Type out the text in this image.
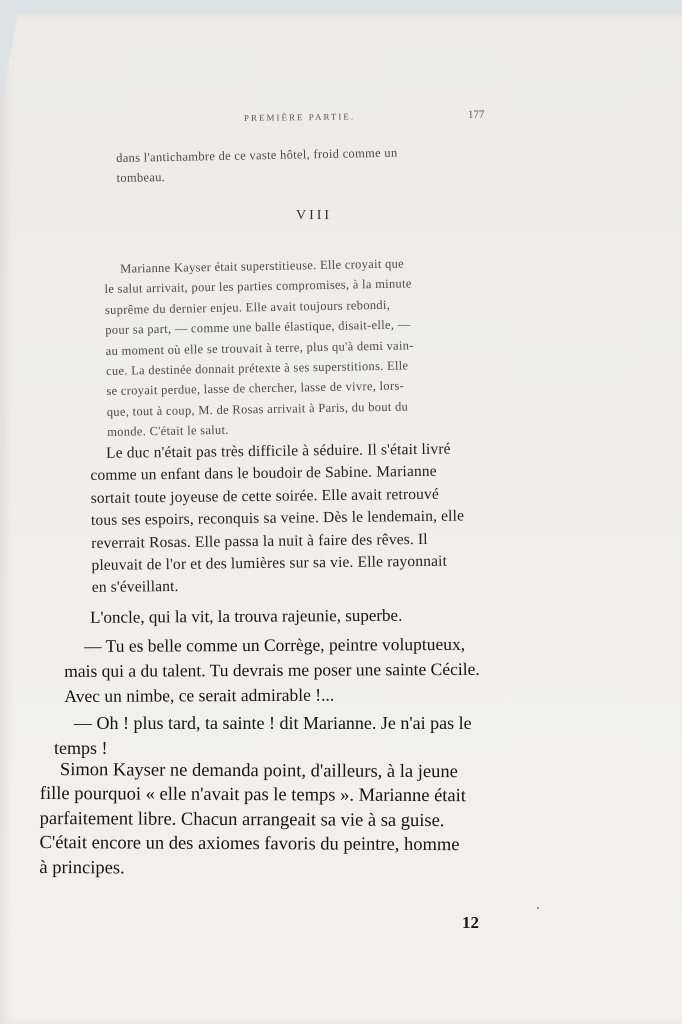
PREMIÈRE PARTIE.	177
dans l'antichambre de ce vaste hôtel, froid comme un
tombeau.
VIII
Marianne Kayser était superstitieuse. Elle croyait que
le salut arrivait, pour les parties compromises, à la minute
suprême du dernier enjeu. Elle avait toujours rebondi,
pour sa part, — comme une balle élastique, disait-elle, —
au moment où elle se trouvait à terre, plus qu'à demi vain-
cue. La destinée donnait prétexte à ses superstitions. Elle
se croyait perdue, lasse de chercher, lasse de vivre, lors-
que, tout à coup, M. de Rosas arrivait à Paris, du bout du
monde. C'était le salut.
Le duc n'était pas très difficile à séduire. Il s'était livré
comme un enfant dans le boudoir de Sabine. Marianne
sortait toute joyeuse de cette soirée. Elle avait retrouvé
tous ses espoirs, reconquis sa veine. Dès le lendemain, elle
reverrait Rosas. Elle passa la nuit à faire des rêves. Il
pleuvait de l'or et des lumières sur sa vie. Elle rayonnait
en s'éveillant.
L'oncle, qui la vit, la trouva rajeunie, superbe.
— Tu es belle comme un Corrège, peintre voluptueux,
mais qui a du talent. Tu devrais me poser une sainte Cécile.
Avec un nimbe, ce serait admirable !...
— Oh ! plus tard, ta sainte ! dit Marianne. Je n'ai pas le
temps !
Simon Kayser ne demanda point, d'ailleurs, à la jeune
fille pourquoi « elle n'avait pas le temps ». Marianne était
parfaitement libre. Chacun arrangeait sa vie à sa guise.
C'était encore un des axiomes favoris du peintre, homme
à principes.
12
